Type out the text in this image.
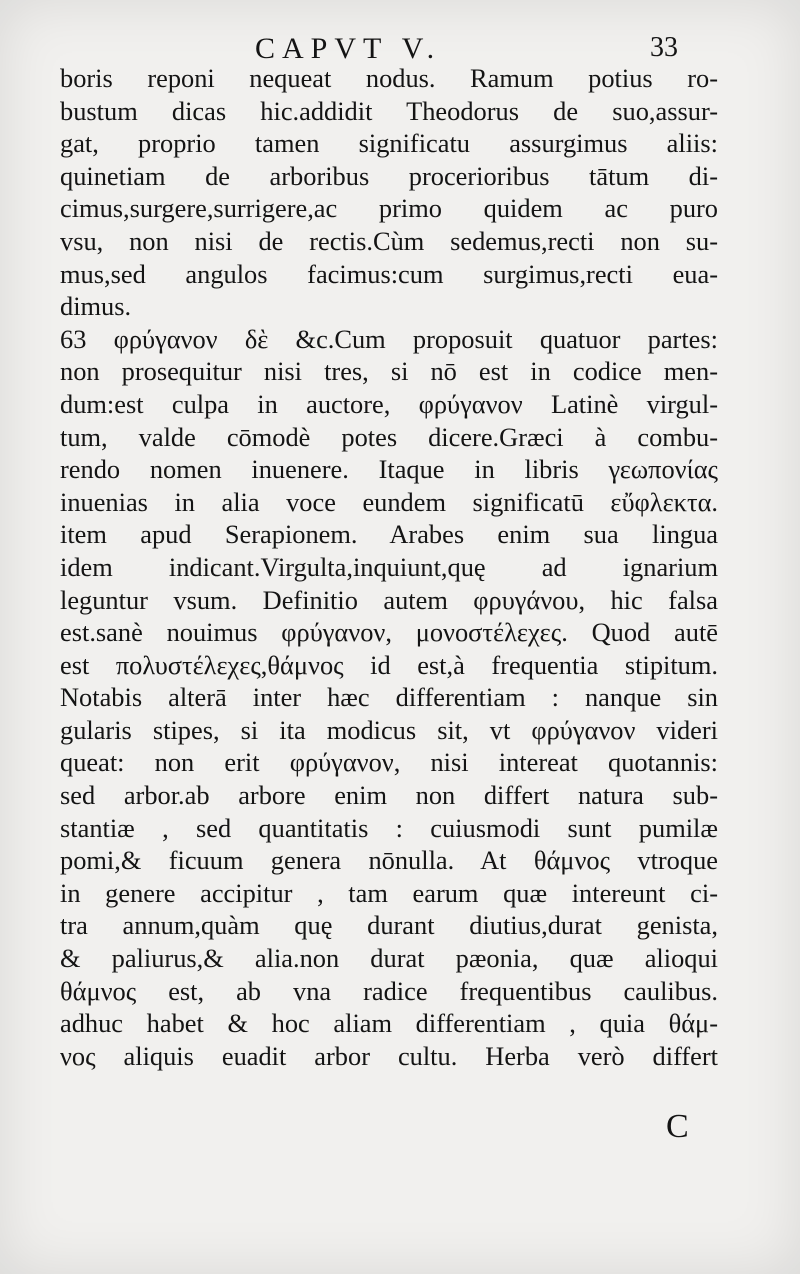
CAPVT V.	33
boris reponi nequeat nodus. Ramum potius ro-
bustum dicas hic.addidit Theodorus de suo,assur-
gat, proprio tamen significatu assurgimus aliis:
quinetiam de arboribus procerioribus tātum di-
cimus,surgere,surrigere,ac primo quidem ac puro
vsu, non nisi de rectis.Cùm sedemus,recti non su-
mus,sed angulos facimus:cum surgimus,recti eua-
dimus.
63 φρύγανον δὲ &c.Cum proposuit quatuor partes:
non prosequitur nisi tres, si nō est in codice men-
dum:est culpa in auctore, φρύγανον Latinè virgul-
tum, valde cōmodè potes dicere.Græci à combu-
rendo nomen inuenere. Itaque in libris γεωπονίας
inuenias in alia voce eundem significatū εὔφλεκτα.
item apud Serapionem. Arabes enim sua lingua
idem indicant.Virgulta,inquiunt,quę ad ignarium
leguntur vsum. Definitio autem φρυγάνου, hic falsa
est.sanè nouimus φρύγανον, μονοστέλεχες. Quod autē
est πολυστέλεχες,θάμνος id est,à frequentia stipitum.
Notabis alterā inter hæc differentiam : nanque sin
gularis stipes, si ita modicus sit, vt φρύγανον videri
queat: non erit φρύγανον, nisi intereat quotannis:
sed arbor.ab arbore enim non differt natura sub-
stantiæ , sed quantitatis : cuiusmodi sunt pumilæ
pomi,& ficuum genera nōnulla. At θάμνος vtroque
in genere accipitur , tam earum quæ intereunt ci-
tra annum,quàm quę durant diutius,durat genista,
& paliurus,& alia.non durat pæonia, quæ alioqui
θάμνος est, ab vna radice frequentibus caulibus.
adhuc habet & hoc aliam differentiam , quia θάμ-
νος aliquis euadit arbor cultu. Herba verò differt
C
